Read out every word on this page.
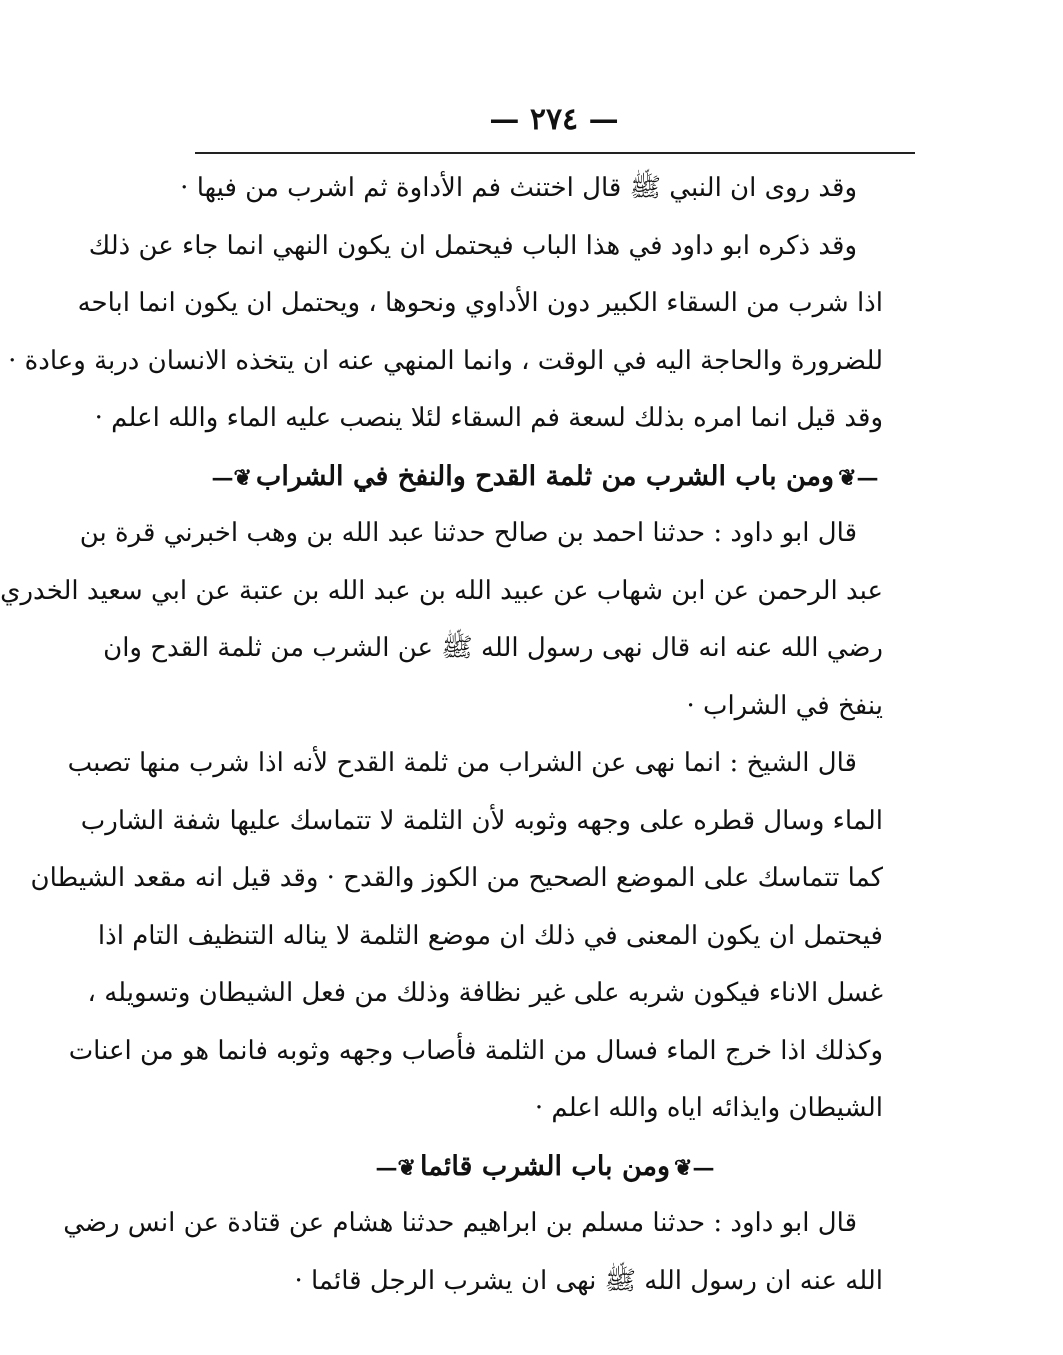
— ٢٧٤ —
وقد روى ان النبي ﷺ قال اختنث فم الأداوة ثم اشرب من فيها ·
وقد ذكره ابو داود في هذا الباب فيحتمل ان يكون النهي انما جاء عن ذلك
اذا شرب من السقاء الكبير دون الأداوي ونحوها ، ويحتمل ان يكون انما اباحه
للضرورة والحاجة اليه في الوقت ، وانما المنهي عنه ان يتخذه الانسان دربة وعادة ·
وقد قيل انما امره بذلك لسعة فم السقاء لئلا ينصب عليه الماء والله اعلم ·
—❦ومن باب الشرب من ثلمة القدح والنفخ في الشراب❦—
قال ابو داود : حدثنا احمد بن صالح حدثنا عبد الله بن وهب اخبرني قرة بن
عبد الرحمن عن ابن شهاب عن عبيد الله بن عبد الله بن عتبة عن ابي سعيد الخدري
رضي الله عنه انه قال نهى رسول الله ﷺ عن الشرب من ثلمة القدح وان
ينفخ في الشراب ·
قال الشيخ : انما نهى عن الشراب من ثلمة القدح لأنه اذا شرب منها تصبب
الماء وسال قطره على وجهه وثوبه لأن الثلمة لا تتماسك عليها شفة الشارب
كما تتماسك على الموضع الصحيح من الكوز والقدح · وقد قيل انه مقعد الشيطان
فيحتمل ان يكون المعنى في ذلك ان موضع الثلمة لا يناله التنظيف التام اذا
غسل الاناء فيكون شربه على غير نظافة وذلك من فعل الشيطان وتسويله ،
وكذلك اذا خرج الماء فسال من الثلمة فأصاب وجهه وثوبه فانما هو من اعنات
الشيطان وايذائه اياه والله اعلم ·
—❦ومن باب الشرب قائما❦—
قال ابو داود : حدثنا مسلم بن ابراهيم حدثنا هشام عن قتادة عن انس رضي
الله عنه ان رسول الله ﷺ نهى ان يشرب الرجل قائما ·
